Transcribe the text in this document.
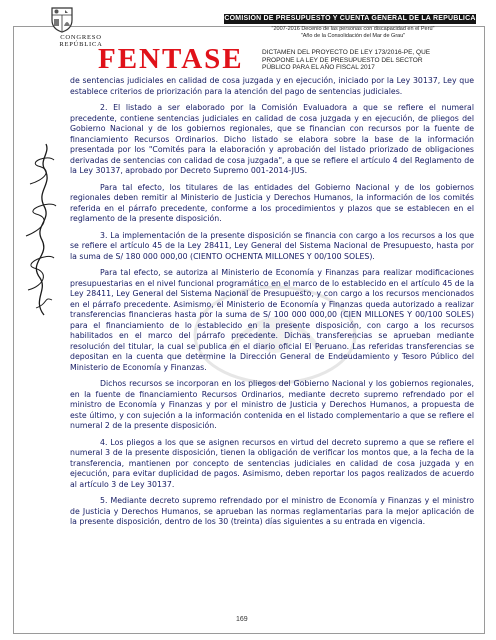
CONGRESO
REPÚBLICA
COMISIÓN DE PRESUPUESTO Y CUENTA GENERAL DE LA REPÚBLICA
"2007-2016 Decenio de las personas con discapacidad en el Perú"
"Año de la Consolidación del Mar de Grau"
FENTASE	DICTAMEN DEL PROYECTO DE LEY 173/2016-PE, QUE
PROPONE LA LEY DE PRESUPUESTO DEL SECTOR
PÚBLICO PARA EL AÑO FISCAL 2017

de sentencias judiciales en calidad de cosa juzgada y en ejecución, iniciado por la Ley 30137, Ley que establece criterios de priorización para la atención del pago de sentencias judiciales.

2. El listado a ser elaborado por la Comisión Evaluadora a que se refiere el numeral precedente, contiene sentencias judiciales en calidad de cosa juzgada y en ejecución, de pliegos del Gobierno Nacional y de los gobiernos regionales, que se financian con recursos por la fuente de financiamiento Recursos Ordinarios. Dicho listado se elabora sobre la base de la información presentada por los "Comités para la elaboración y aprobación del listado priorizado de obligaciones derivadas de sentencias con calidad de cosa juzgada", a que se refiere el artículo 4 del Reglamento de la Ley 30137, aprobado por Decreto Supremo 001-2014-JUS.

Para tal efecto, los titulares de las entidades del Gobierno Nacional y de los gobiernos regionales deben remitir al Ministerio de Justicia y Derechos Humanos, la información de los comités referida en el párrafo precedente, conforme a los procedimientos y plazos que se establecen en el reglamento de la presente disposición.

3. La implementación de la presente disposición se financia con cargo a los recursos a los que se refiere el artículo 45 de la Ley 28411, Ley General del Sistema Nacional de Presupuesto, hasta por la suma de S/ 180 000 000,00 (CIENTO OCHENTA MILLONES Y 00/100 SOLES).

Para tal efecto, se autoriza al Ministerio de Economía y Finanzas para realizar modificaciones presupuestarias en el nivel funcional programático en el marco de lo establecido en el artículo 45 de la Ley 28411, Ley General del Sistema Nacional de Presupuesto, y con cargo a los recursos mencionados en el párrafo precedente. Asimismo, el Ministerio de Economía y Finanzas queda autorizado a realizar transferencias financieras hasta por la suma de S/ 100 000 000,00 (CIEN MILLONES Y 00/100 SOLES) para el financiamiento de lo establecido en la presente disposición, con cargo a los recursos habilitados en el marco del párrafo precedente. Dichas transferencias se aprueban mediante resolución del titular, la cual se publica en el diario oficial El Peruano. Las referidas transferencias se depositan en la cuenta que determine la Dirección General de Endeudamiento y Tesoro Público del Ministerio de Economía y Finanzas.

Dichos recursos se incorporan en los pliegos del Gobierno Nacional y los gobiernos regionales, en la fuente de financiamiento Recursos Ordinarios, mediante decreto supremo refrendado por el ministro de Economía y Finanzas y por el ministro de Justicia y Derechos Humanos, a propuesta de este último, y con sujeción a la información contenida en el listado complementario a que se refiere el numeral 2 de la presente disposición.

4. Los pliegos a los que se asignen recursos en virtud del decreto supremo a que se refiere el numeral 3 de la presente disposición, tienen la obligación de verificar los montos que, a la fecha de la transferencia, mantienen por concepto de sentencias judiciales en calidad de cosa juzgada y en ejecución, para evitar duplicidad de pagos. Asimismo, deben reportar los pagos realizados de acuerdo al artículo 3 de Ley 30137.

5. Mediante decreto supremo refrendado por el ministro de Economía y Finanzas y el ministro de Justicia y Derechos Humanos, se aprueban las normas reglamentarias para la mejor aplicación de la presente disposición, dentro de los 30 (treinta) días siguientes a su entrada en vigencia.

169
